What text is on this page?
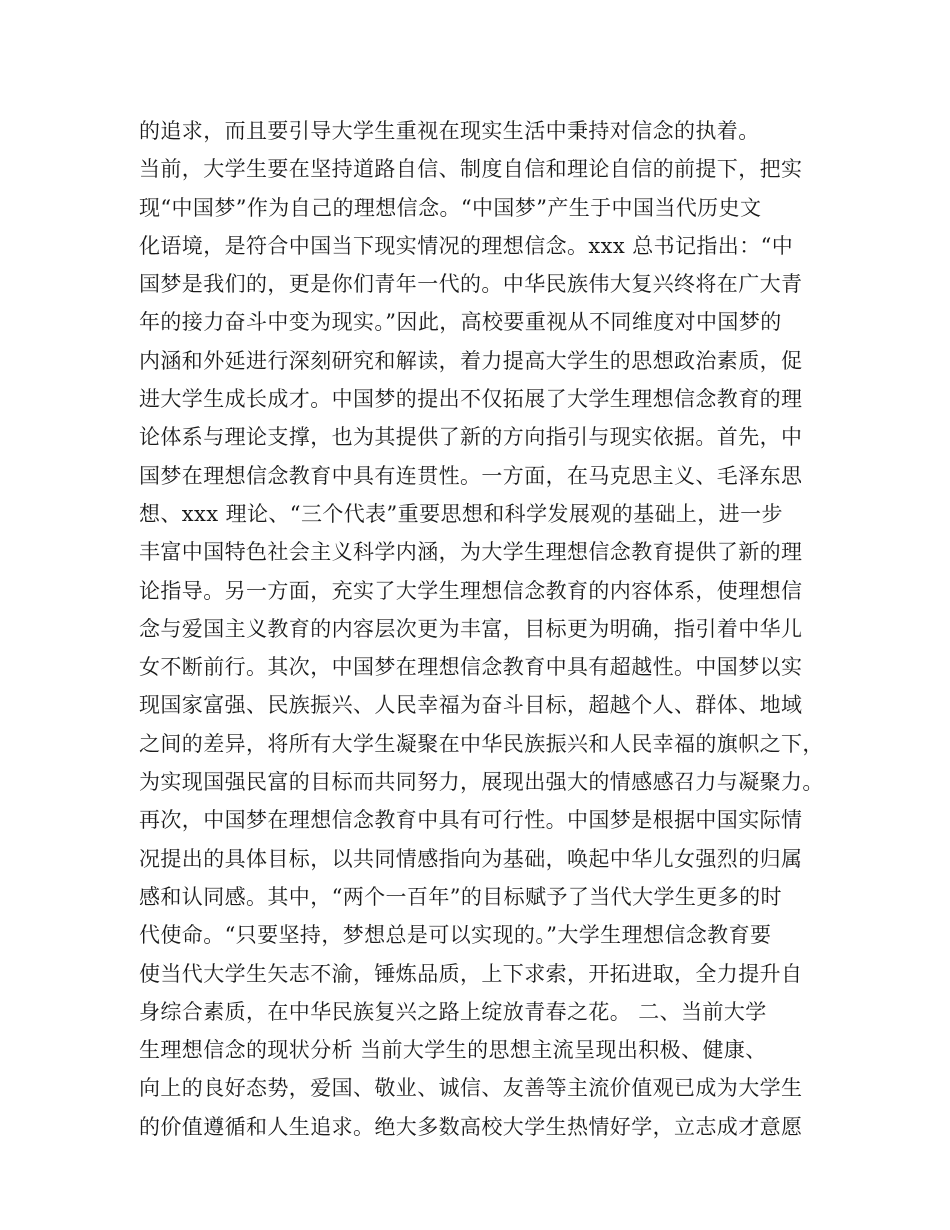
的追求，而且要引导大学生重视在现实生活中秉持对信念的执着。
当前，大学生要在坚持道路自信、制度自信和理论自信的前提下，把实
现“中国梦”作为自己的理想信念。“中国梦”产生于中国当代历史文
化语境，是符合中国当下现实情况的理想信念。xxx 总书记指出：“中
国梦是我们的，更是你们青年一代的。中华民族伟大复兴终将在广大青
年的接力奋斗中变为现实。”因此，高校要重视从不同维度对中国梦的
内涵和外延进行深刻研究和解读，着力提高大学生的思想政治素质，促
进大学生成长成才。中国梦的提出不仅拓展了大学生理想信念教育的理
论体系与理论支撑，也为其提供了新的方向指引与现实依据。首先，中
国梦在理想信念教育中具有连贯性。一方面，在马克思主义、毛泽东思
想、xxx 理论、“三个代表”重要思想和科学发展观的基础上，进一步
丰富中国特色社会主义科学内涵，为大学生理想信念教育提供了新的理
论指导。另一方面，充实了大学生理想信念教育的内容体系，使理想信
念与爱国主义教育的内容层次更为丰富，目标更为明确，指引着中华儿
女不断前行。其次，中国梦在理想信念教育中具有超越性。中国梦以实
现国家富强、民族振兴、人民幸福为奋斗目标，超越个人、群体、地域
之间的差异，将所有大学生凝聚在中华民族振兴和人民幸福的旗帜之下，
为实现国强民富的目标而共同努力，展现出强大的情感感召力与凝聚力。
再次，中国梦在理想信念教育中具有可行性。中国梦是根据中国实际情
况提出的具体目标，以共同情感指向为基础，唤起中华儿女强烈的归属
感和认同感。其中，“两个一百年”的目标赋予了当代大学生更多的时
代使命。“只要坚持，梦想总是可以实现的。”大学生理想信念教育要
使当代大学生矢志不渝，锤炼品质，上下求索，开拓进取，全力提升自
身综合素质，在中华民族复兴之路上绽放青春之花。 二、当前大学
生理想信念的现状分析 当前大学生的思想主流呈现出积极、健康、
向上的良好态势，爱国、敬业、诚信、友善等主流价值观已成为大学生
的价值遵循和人生追求。绝大多数高校大学生热情好学，立志成才意愿
